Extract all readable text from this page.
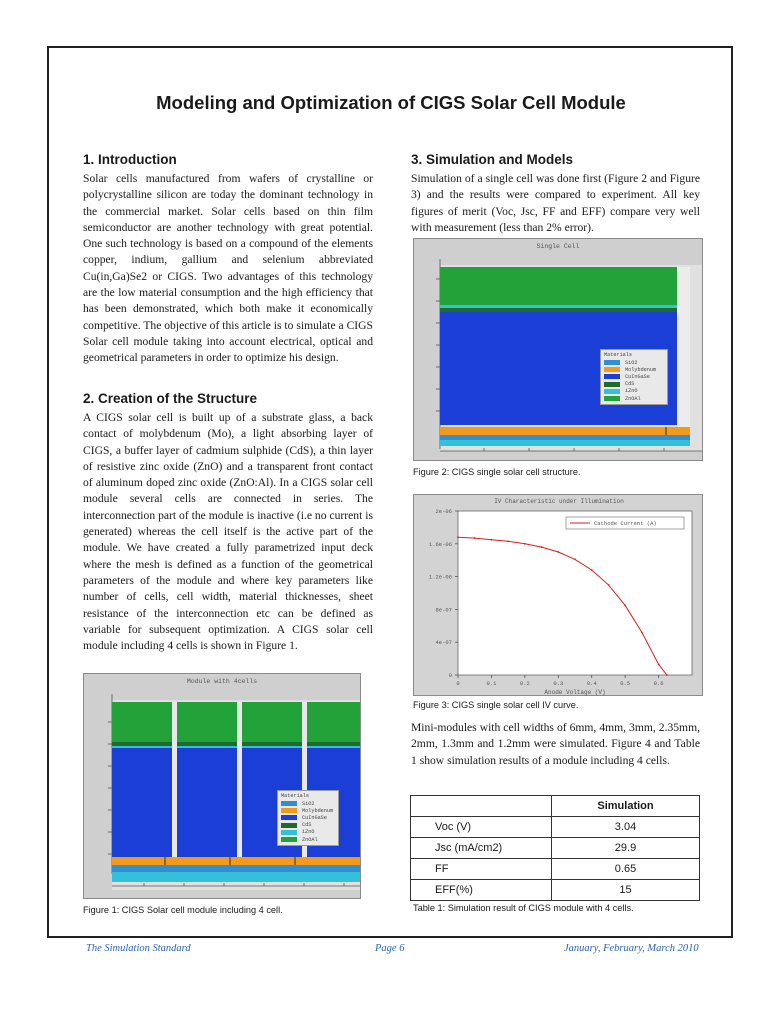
Modeling and Optimization of CIGS Solar Cell Module
1. Introduction

Solar cells manufactured from wafers of crystalline or polycrystalline silicon are today the dominant technology in the commercial market. Solar cells based on thin film semiconductor are another technology with great potential. One such technology is based on a compound of the elements copper, indium, gallium and selenium abbreviated Cu(in,Ga)Se2 or CIGS. Two advantages of this technology are the low material consumption and the high efficiency that has been demonstrated, which both make it economically competitive. The objective of this article is to simulate a CIGS Solar cell module taking into account electrical, optical and geometrical parameters in order to optimize his design.

2. Creation of the Structure

A CIGS solar cell is built up of a substrate glass, a back contact of molybdenum (Mo), a light absorbing layer of CIGS, a buffer layer of cadmium sulphide (CdS), a thin layer of resistive zinc oxide (ZnO) and a transparent front contact of aluminum doped zinc oxide (ZnO:Al). In a CIGS solar cell module several cells are connected in series. The interconnection part of the module is inactive (i.e no current is generated) whereas the cell itself is the active part of the module. We have created a fully parametrized input deck where the mesh is defined as a function of the geometrical parameters of the module and where key parameters like number of cells, cell width, material thicknesses, sheet resistance of the interconnection etc can be defined as variable for subsequent optimization. A CIGS solar cell module including 4 cells is shown in Figure 1.

Module with 4cells
Materials
SiO2
Molybdenum
CuInGaSe
CdS
iZnO
ZnOAl

Figure 1: CIGS Solar cell module including 4 cell.

3. Simulation and Models

Simulation of a single cell was done first (Figure 2 and Figure 3) and the results were compared to experiment. All key figures of merit (Voc, Jsc, FF and EFF) compare very well with measurement (less than 2% error).

Single Cell
Materials
SiO2
Molybdenum
CuInGaSe
CdS
iZnO
ZnOAl

Figure 2: CIGS single solar cell structure.

IV Characteristic under Illumination
0
4e-07
8e-07
1.2e-06
1.6e-06
2e-06
0	0.1	0.2	0.3	0.4	0.5	0.6
Anode Voltage (V)
Cathode Current (A)

Figure 3: CIGS single solar cell IV curve.

Mini-modules with cell widths of 6mm, 4mm, 3mm, 2.35mm, 2mm, 1.3mm and 1.2mm were simulated. Figure 4 and Table 1 show simulation results of a module including 4 cells.

	Simulation
Voc (V)	3.04
Jsc (mA/cm2)	29.9
FF	0.65
EFF(%)	15

Table 1: Simulation result of CIGS module with 4 cells.

The Simulation Standard	Page 6	January, February, March 2010
